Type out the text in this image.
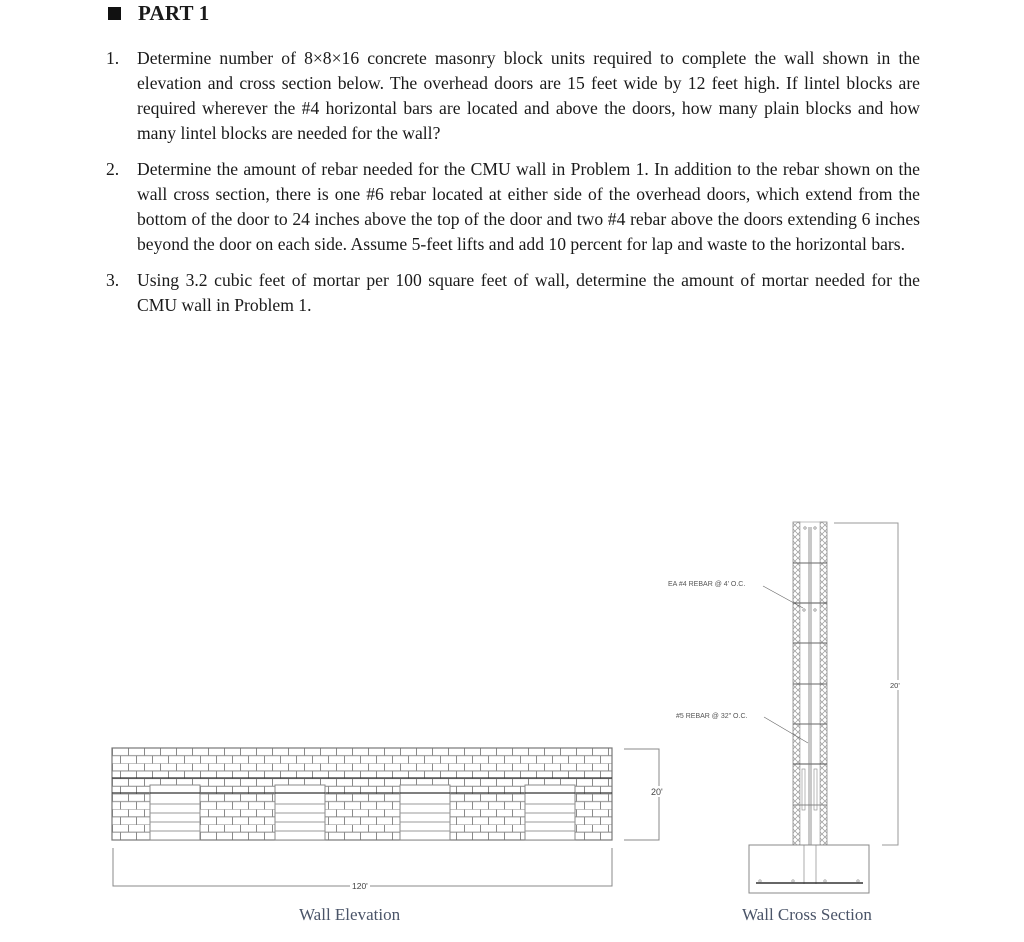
PART 1
1.	Determine number of 8×8×16 concrete masonry block units required to complete the wall shown in the elevation and cross section below. The overhead doors are 15 feet wide by 12 feet high. If lintel blocks are required wherever the #4 horizontal bars are located and above the doors, how many plain blocks and how many lintel blocks are needed for the wall?
2.	Determine the amount of rebar needed for the CMU wall in Problem 1. In addition to the rebar shown on the wall cross section, there is one #6 rebar located at either side of the overhead doors, which extend from the bottom of the door to 24 inches above the top of the door and two #4 rebar above the doors extending 6 inches beyond the door on each side. Assume 5-feet lifts and add 10 percent for lap and waste to the horizontal bars.
3.	Using 3.2 cubic feet of mortar per 100 square feet of wall, determine the amount of mortar needed for the CMU wall in Problem 1.
20'
120'
EA #4 REBAR @ 4' O.C.
#5 REBAR @ 32" O.C.
20'
Wall Elevation	Wall Cross Section
